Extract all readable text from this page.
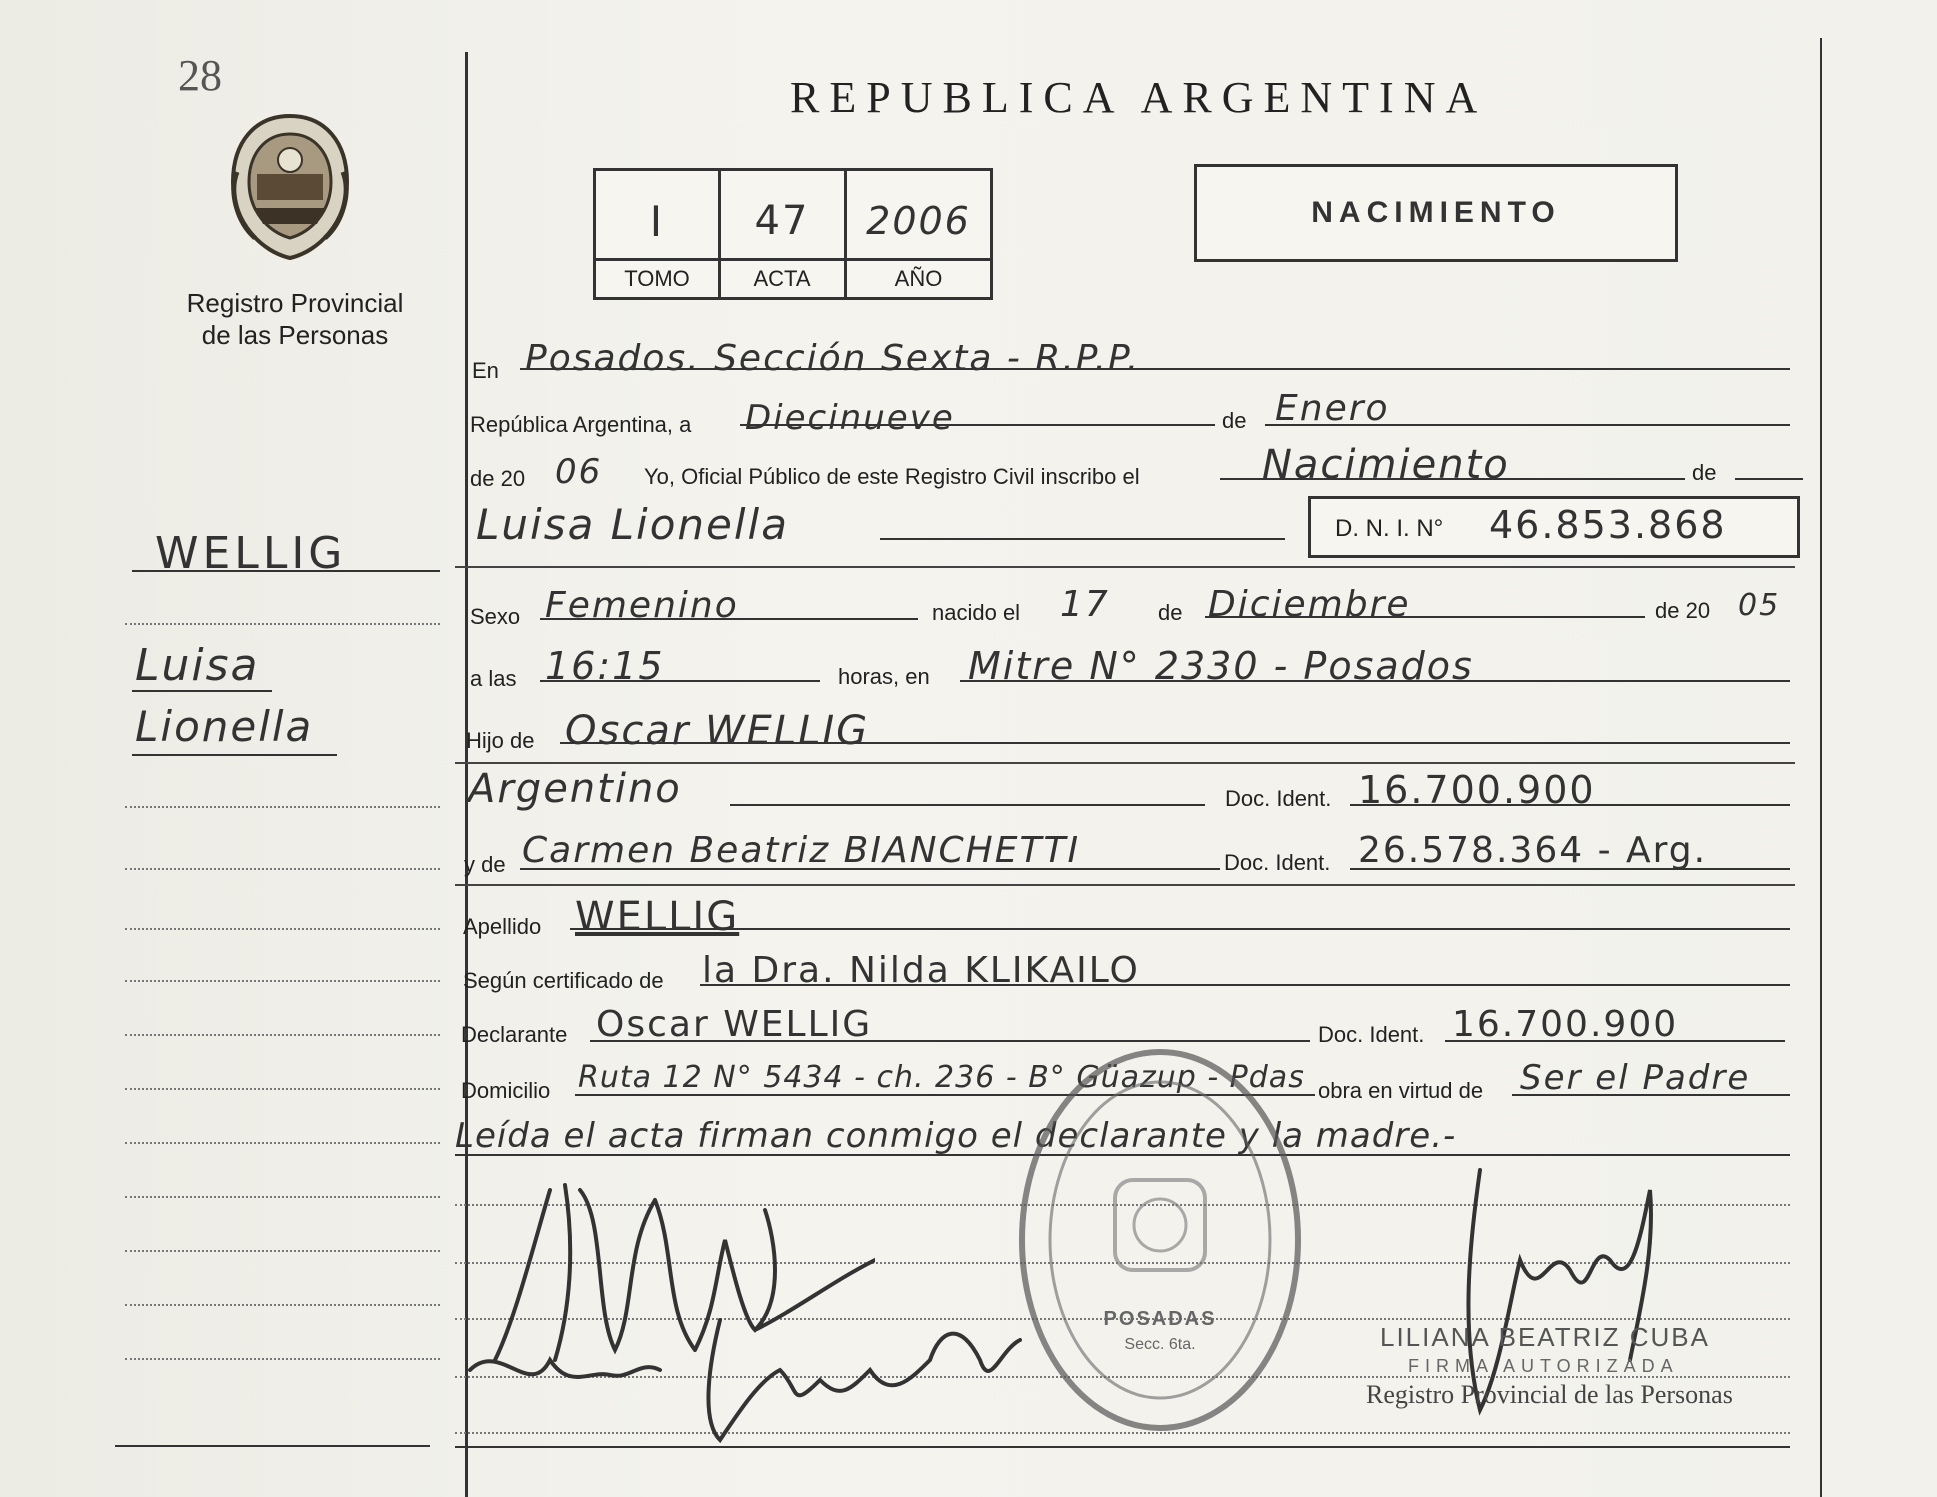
28
Registro Provincial
de las Personas
WELLIG
Luisa
Lionella
REPUBLICA ARGENTINA
I	47	2006
TOMO	ACTA	AÑO
NACIMIENTO
En Posados. Sección Sexta - R.P.P.
República Argentina, a Diecinueve	de Enero
de 20 06 Yo, Oficial Público de este Registro Civil inscribo el	Nacimiento	de
Luisa Lionella	D. N. I. N° 46.853.868
Sexo Femenino	nacido el 17 de Diciembre	de 20 05
a las 16:15	horas, en Mitre N° 2330 - Posados
Hijo de Oscar WELLIG
Argentino	Doc. Ident. 16.700.900
y de Carmen Beatriz BIANCHETTI	Doc. Ident. 26.578.364 - Arg.
Apellido WELLIG
Según certificado de la Dra. Nilda KLIKAILO
Declarante Oscar WELLIG	Doc. Ident. 16.700.900
Domicilio Ruta 12 N° 5434 - ch. 236 - B° Güazup - Pdas obra en virtud de Ser el Padre
Leída el acta firman conmigo el declarante y la madre.-
POSADAS
Secc. 6ta.	LILIANA BEATRIZ CUBA
FIRMA AUTORIZADA
Registro Provincial de las Personas
